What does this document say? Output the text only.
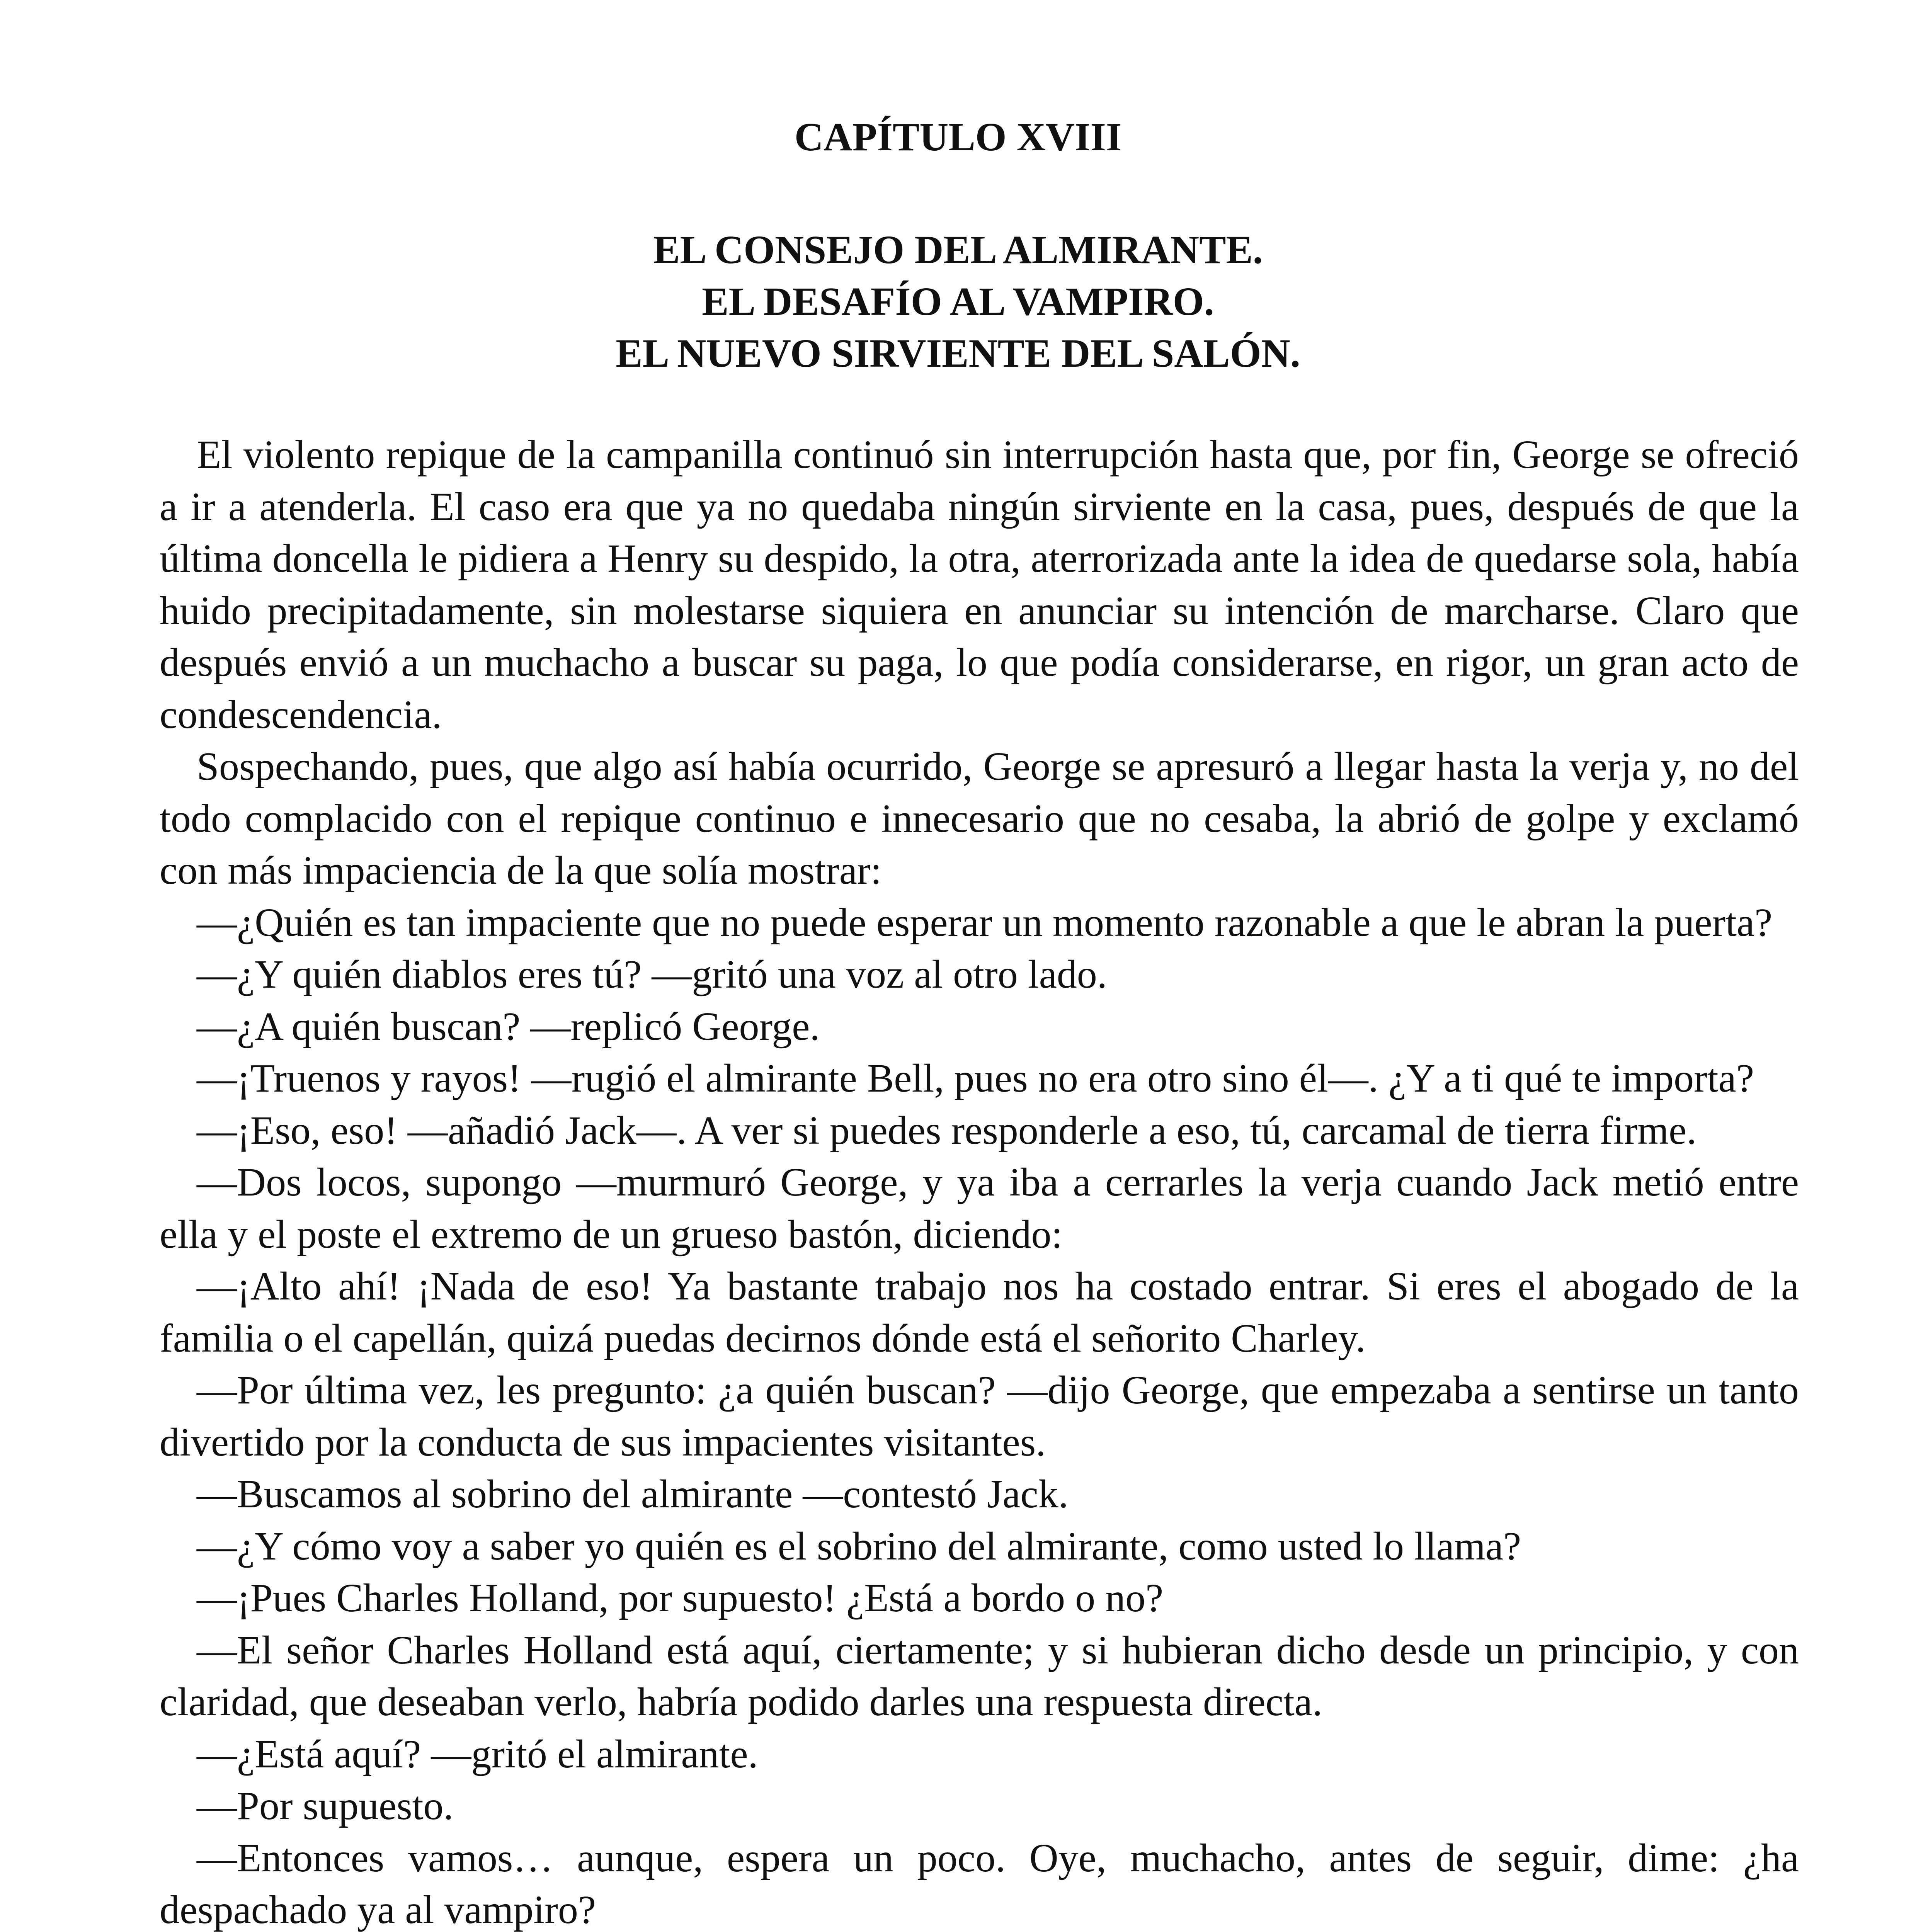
CAPÍTULO XVIII
EL CONSEJO DEL ALMIRANTE.
EL DESAFÍO AL VAMPIRO.
EL NUEVO SIRVIENTE DEL SALÓN.

El violento repique de la campanilla continuó sin interrupción hasta que, por fin, George se ofreció a ir a atenderla. El caso era que ya no quedaba ningún sirviente en la casa, pues, después de que la última doncella le pidiera a Henry su despido, la otra, aterrorizada ante la idea de quedarse sola, había huido precipitadamente, sin molestarse siquiera en anunciar su intención de marcharse. Claro que después envió a un muchacho a buscar su paga, lo que podía considerarse, en rigor, un gran acto de condescendencia.

Sospechando, pues, que algo así había ocurrido, George se apresuró a llegar hasta la verja y, no del todo complacido con el repique continuo e innecesario que no cesaba, la abrió de golpe y exclamó con más impaciencia de la que solía mostrar:

—¿Quién es tan impaciente que no puede esperar un momento razonable a que le abran la puerta?

—¿Y quién diablos eres tú? —gritó una voz al otro lado.

—¿A quién buscan? —replicó George.

—¡Truenos y rayos! —rugió el almirante Bell, pues no era otro sino él—. ¿Y a ti qué te importa?

—¡Eso, eso! —añadió Jack—. A ver si puedes responderle a eso, tú, carcamal de tierra firme.

—Dos locos, supongo —murmuró George, y ya iba a cerrarles la verja cuando Jack metió entre ella y el poste el extremo de un grueso bastón, diciendo:

—¡Alto ahí! ¡Nada de eso! Ya bastante trabajo nos ha costado entrar. Si eres el abogado de la familia o el capellán, quizá puedas decirnos dónde está el señorito Charley.

—Por última vez, les pregunto: ¿a quién buscan? —dijo George, que empezaba a sentirse un tanto divertido por la conducta de sus impacientes visitantes.

—Buscamos al sobrino del almirante —contestó Jack.

—¿Y cómo voy a saber yo quién es el sobrino del almirante, como usted lo llama?

—¡Pues Charles Holland, por supuesto! ¿Está a bordo o no?

—El señor Charles Holland está aquí, ciertamente; y si hubieran dicho desde un principio, y con claridad, que deseaban verlo, habría podido darles una respuesta directa.

—¿Está aquí? —gritó el almirante.

—Por supuesto.

—Entonces vamos… aunque, espera un poco. Oye, muchacho, antes de seguir, dime: ¿ha despachado ya al vampiro?
